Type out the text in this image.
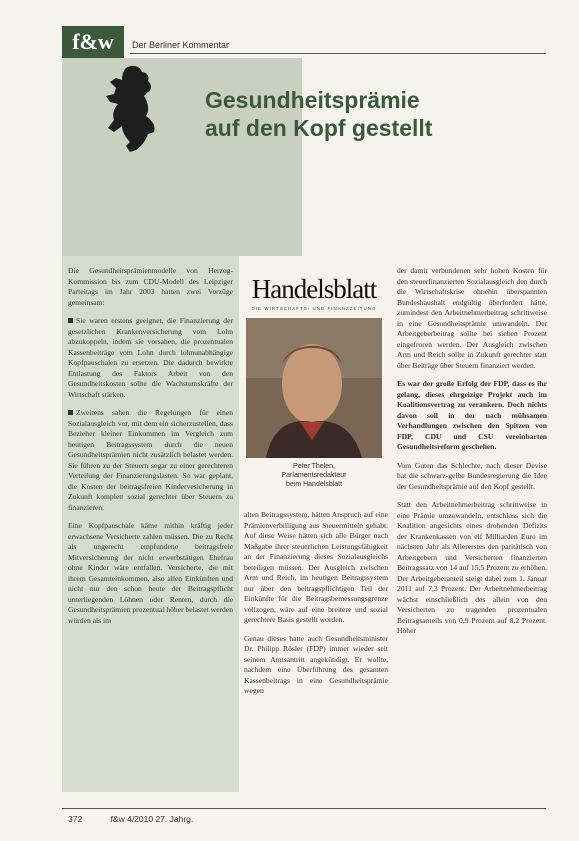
f&w	Der Berliner Kommentar
Gesundheitsprämie
auf den Kopf gestellt

Die Gesundheitsprämienmodelle von Herzog-Kommission bis zum CDU-Modell des Leipziger Parteitags im Jahr 2003 hatten zwei Vorzüge gemeinsam:

Sie waren erstens geeignet, die Finanzierung der gesetzlichen Krankenversicherung vom Lohn abzukoppeln, indem sie vorsahen, die prozentualen Kassenbeiträge vom Lohn durch lohnunabhängige Kopfpauschalen zu ersetzen. Die dadurch bewirkte Entlastung des Faktors Arbeit von den Gesundheitskosten sollte die Wachstumskräfte der Wirtschaft stärken.

Zweitens sahen die Regelungen für einen Sozialausgleich vor, mit dem ein sicherzustellen, dass Bezieher kleiner Einkommen im Vergleich zum heutigen Beitragssystem durch die neuen Gesundheitsprämien nicht zusätzlich belastet werden. Sie führen zu der Steuern sogar zu einer gerechteren Verteilung der Finanzierungslasten. So war geplant, die Kosten der beitragsfreien Kindervesicherung in Zukunft komplett sozial gerechter über Steuern zu finanzieren.

Eine Kopfpauschale käme mithin kräftig jeder erwachsene Versicherte zahlen müssen. Die zu Recht als ungerecht empfundene beitragsfreie Mitversicherung der nicht erwerbstätigen Ehefrau ohne Kinder wäre entfallen. Versicherte, die mit ihrem Gesamteinkommen, also allen Einkünften und nicht nur den schon heute der Beitragspflicht unterliegenden Löhnen oder Renten, durch die Gesundheitsprämien prozentual höher belastet werden würden als im

Handelsblatt
DIE WIRTSCHAFTS- UND FINANZZEITUNG
Peter Thelen,
Parlamentsredakteur
beim Handelsblatt

alten Beitragssystem, hätten Anspruch auf eine Prämienverbilligung aus Steuermitteln gehabt. Auf diese Weise hätten sich alle Bürger nach Maßgabe ihrer steuerlichen Leistungsfähigkeit an der Finanzierung dieses Sozialausgleichs beteiligen müssen. Der Ausgleich zwischen Arm und Reich, im heutigen Beitragssystem nur über den beitragspflichtigen Teil der Einkünfte für die Beitragsbemessungsgrenze vollzogen, wäre auf eine breitere und sozial gerechtere Basis gestellt worden.

Genau dieses hatte auch Gesundheitsminister Dr. Philipp Rösler (FDP) immer wieder seit seinem Amtsantritt angekündigt. Er wollte, nachdem eine Überführung des gesamten Kassenbeitrags in eine Gesundheitsprämie wegen

der damit verbundenen sehr hohen Kosten für den steuerfinanzierten Sozialausgleich den durch die Wirtschaftskrise ohnehin überspannten Bundeshaushalt endgültig überfordert hätte, zumindest den Arbeitnehmerbeitrag schrittweise in eine Gesundheitsprämie umwandeln. Der Arbeitgeberbeitrag sollte bei sieben Prozent eingefroren werden. Der Ausgleich zwischen Arm und Reich sollte in Zukunft gerechter statt über Beiträge über Steuern finanziert werden.

Es war der große Erfolg der FDP, dass es ihr gelang, dieses ehrgeizige Projekt auch im Koalitionsvertrag zu verankern. Doch nichts davon soll in der nach mühsamen Verhandlungen zwischen den Spitzen von FDP, CDU und CSU vereinbarten Gesundheitsreform geschehen.

Vom Guten das Schlechte, nach dieser Devise hat die schwarz-gelbe Bundesregierung die Idee der Gesundheitsprämie auf den Kopf gestellt.

Statt den Arbeitnehmerbeitrag schrittweise in eine Prämie umzuwandeln, entschloss sich die Koalition angesichts eines drohenden Defizits der Krankenkassen von elf Milliarden Euro im nächsten Jahr als Allererstes den paritätisch von Arbeitgebern und Versicherten finanzierten Beitragssatz von 14 auf 15,5 Prozent zu erhöhen. Der Arbeitgeberanteil steigt dabei zum 1. Januar 2011 auf 7,3 Prozent. Der Arbeitnehmerbeitrag wächst einschließlich des allein von den Versicherten zu tragenden prozentualen Beitragsanteils von 0,9 Prozent auf 8,2 Prozent. Höher

372	f&w 4/2010 27. Jahrg.
